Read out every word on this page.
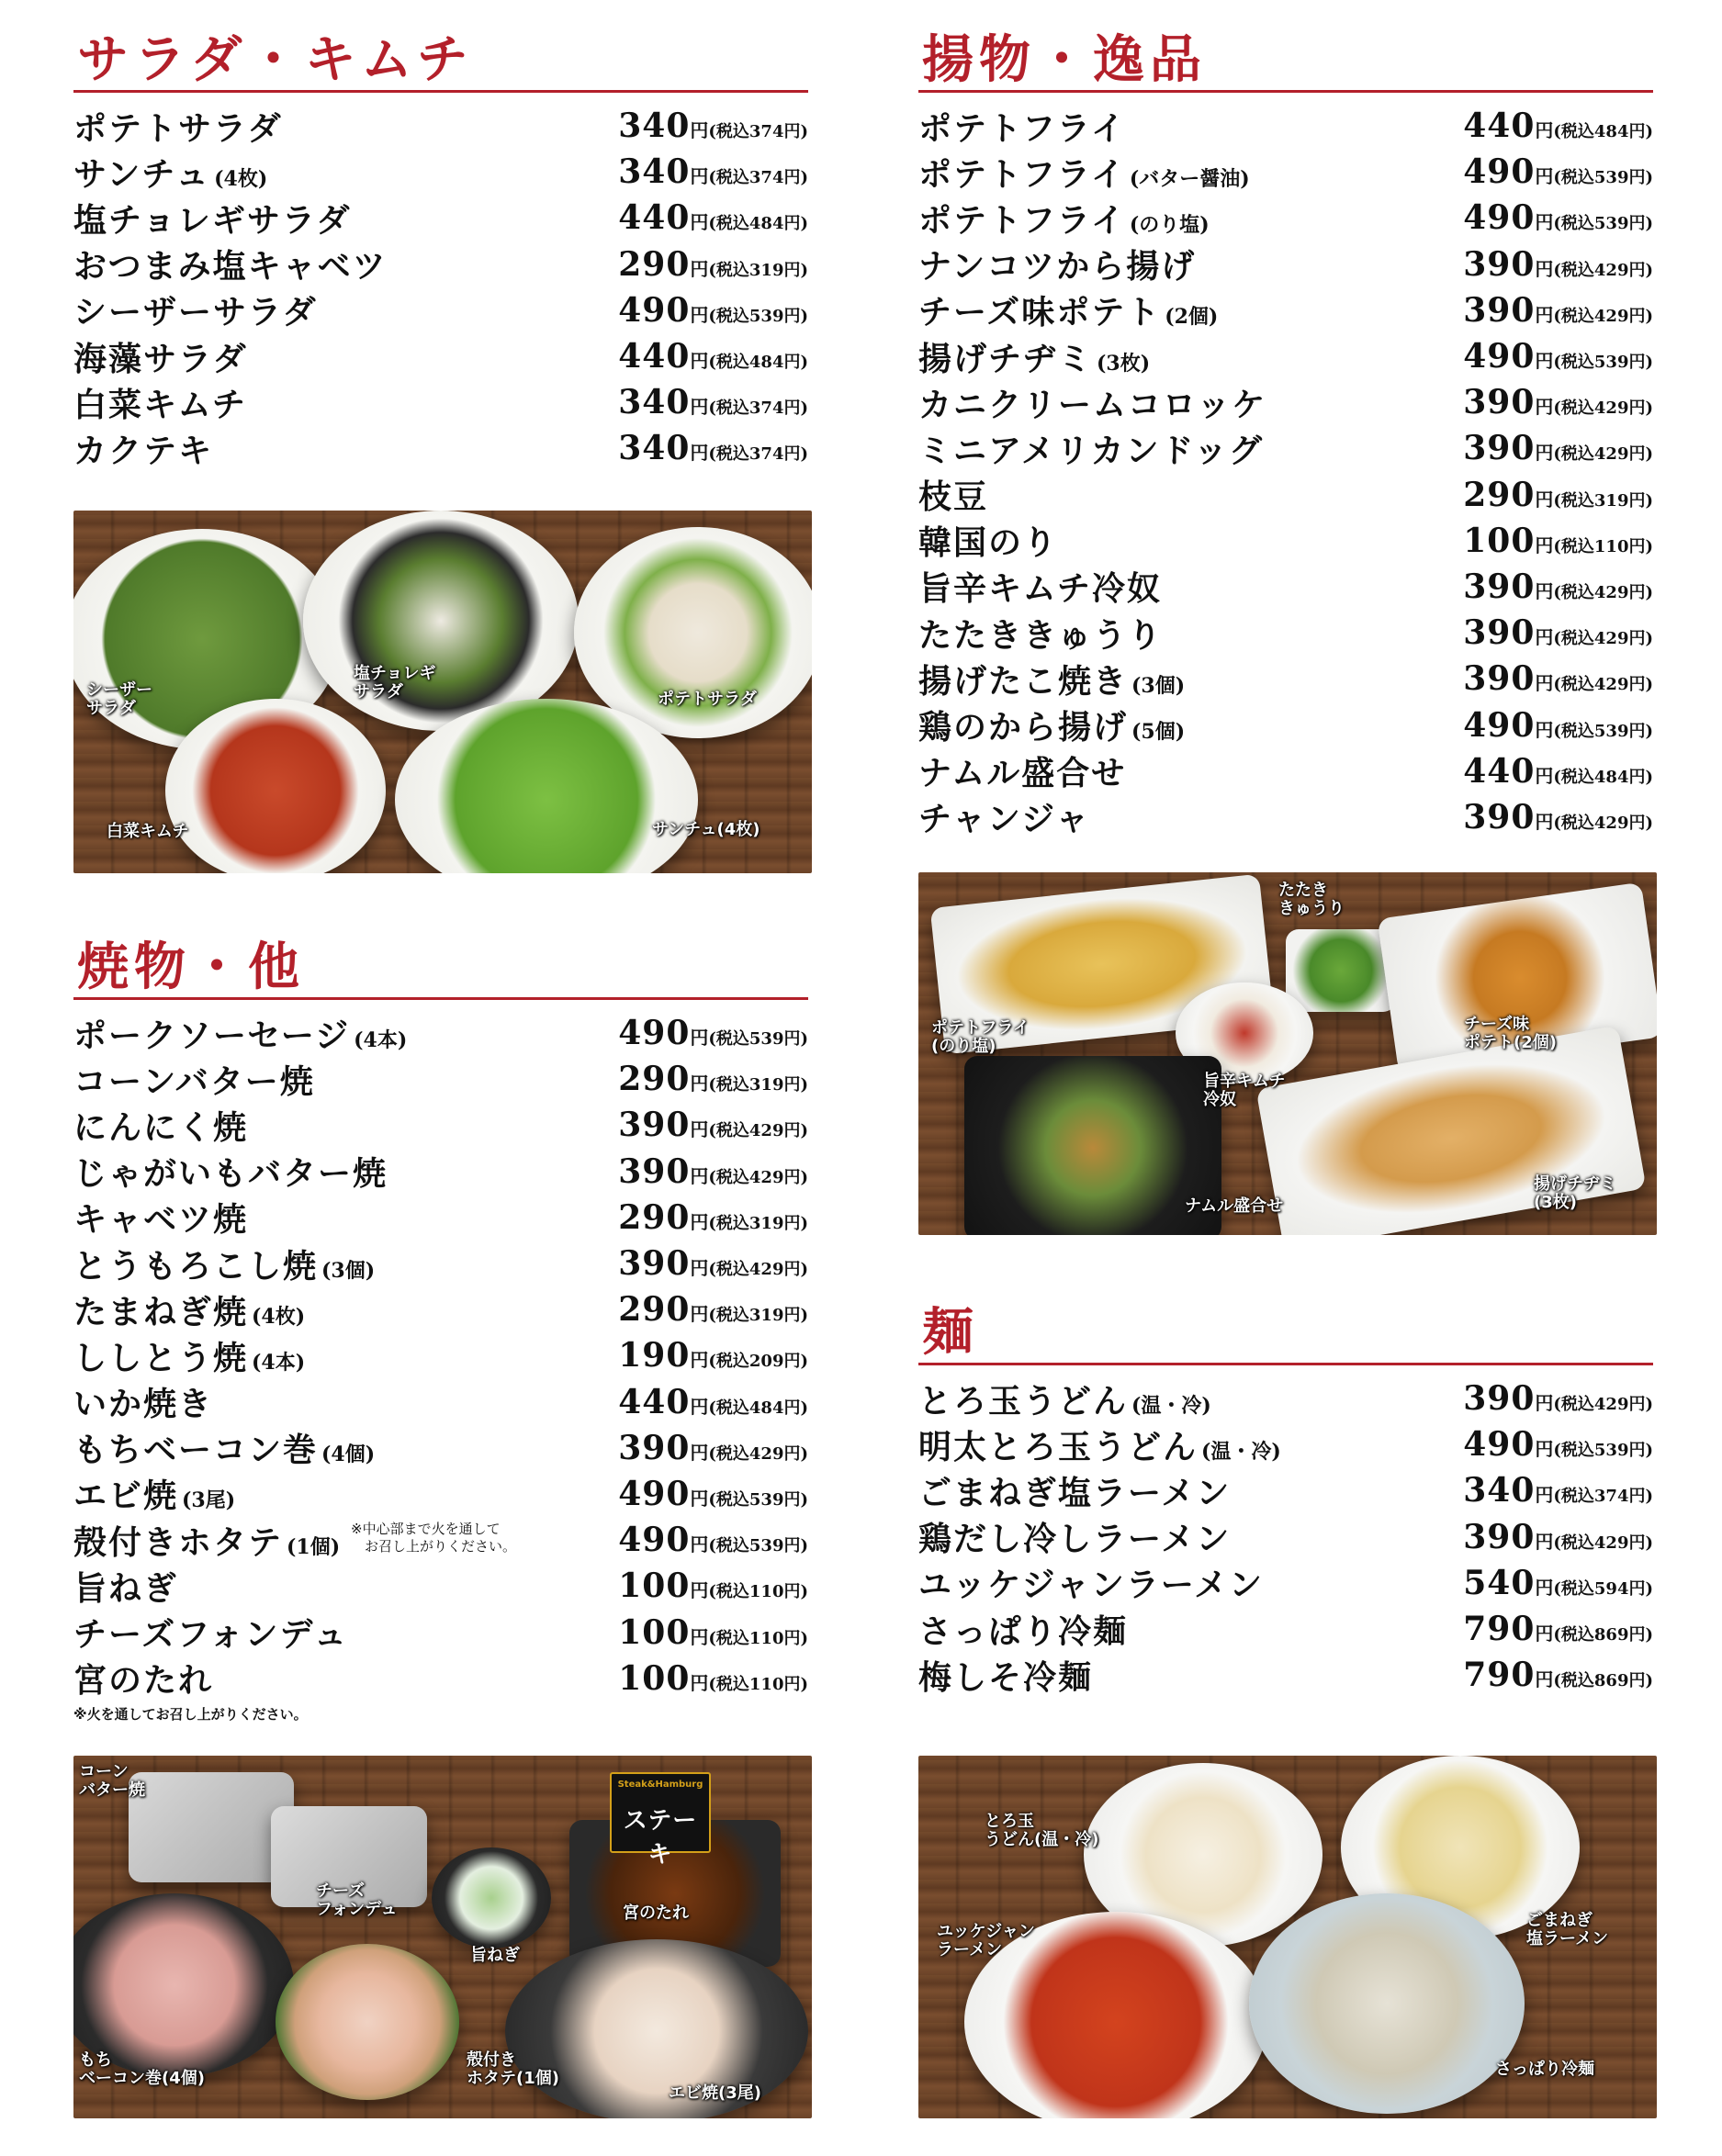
サラダ・キムチ
ポテトサラダ	340円(税込374円)
サンチュ (4枚)	340円(税込374円)
塩チョレギサラダ	440円(税込484円)
おつまみ塩キャベツ	290円(税込319円)
シーザーサラダ	490円(税込539円)
海藻サラダ	440円(税込484円)
白菜キムチ	340円(税込374円)
カクテキ	340円(税込374円)
シーザー
サラダ
塩チョレギ
サラダ	ポテトサラダ
白菜キムチ	サンチュ(4枚)
焼物・他
ポークソーセージ (4本)	490円(税込539円)
コーンバター焼	290円(税込319円)
にんにく焼	390円(税込429円)
じゃがいもバター焼	390円(税込429円)
キャベツ焼	290円(税込319円)
とうもろこし焼 (3個)	390円(税込429円)
たまねぎ焼 (4枚)	290円(税込319円)
ししとう焼 (4本)	190円(税込209円)
いか焼き	440円(税込484円)
もちベーコン巻 (4個)	390円(税込429円)
エビ焼 (3尾)	490円(税込539円)
殻付きホタテ (1個)	490円(税込539円)
※中心部まで火を通して
　お召し上がりください。
旨ねぎ	100円(税込110円)
チーズフォンデュ	100円(税込110円)
宮のたれ	100円(税込110円)
※火を通してお召し上がりください。
Steak&Hamburg
ステーキ
コーン
バター焼
チーズ
フォンデュ
旨ねぎ
宮のたれ
もち
ベーコン巻(4個)
殻付き
ホタテ(1個)
エビ焼(3尾)
揚物・逸品
ポテトフライ	440円(税込484円)
ポテトフライ (バター醤油)	490円(税込539円)
ポテトフライ (のり塩)	490円(税込539円)
ナンコツから揚げ	390円(税込429円)
チーズ味ポテト (2個)	390円(税込429円)
揚げチヂミ (3枚)	490円(税込539円)
カニクリームコロッケ	390円(税込429円)
ミニアメリカンドッグ	390円(税込429円)
枝豆	290円(税込319円)
韓国のり	100円(税込110円)
旨辛キムチ冷奴	390円(税込429円)
たたききゅうり	390円(税込429円)
揚げたこ焼き (3個)	390円(税込429円)
鶏のから揚げ (5個)	490円(税込539円)
ナムル盛合せ	440円(税込484円)
チャンジャ	390円(税込429円)
たたき
きゅうり
ポテトフライ
(のり塩)
チーズ味
ポテト(2個)
旨辛キムチ
冷奴
ナムル盛合せ
揚げチヂミ
(3枚)
麺
とろ玉うどん (温・冷)	390円(税込429円)
明太とろ玉うどん (温・冷)	490円(税込539円)
ごまねぎ塩ラーメン	340円(税込374円)
鶏だし冷しラーメン	390円(税込429円)
ユッケジャンラーメン	540円(税込594円)
さっぱり冷麺	790円(税込869円)
梅しそ冷麺	790円(税込869円)
とろ玉
うどん(温・冷)
ごまねぎ
塩ラーメン
ユッケジャン
ラーメン
さっぱり冷麺
